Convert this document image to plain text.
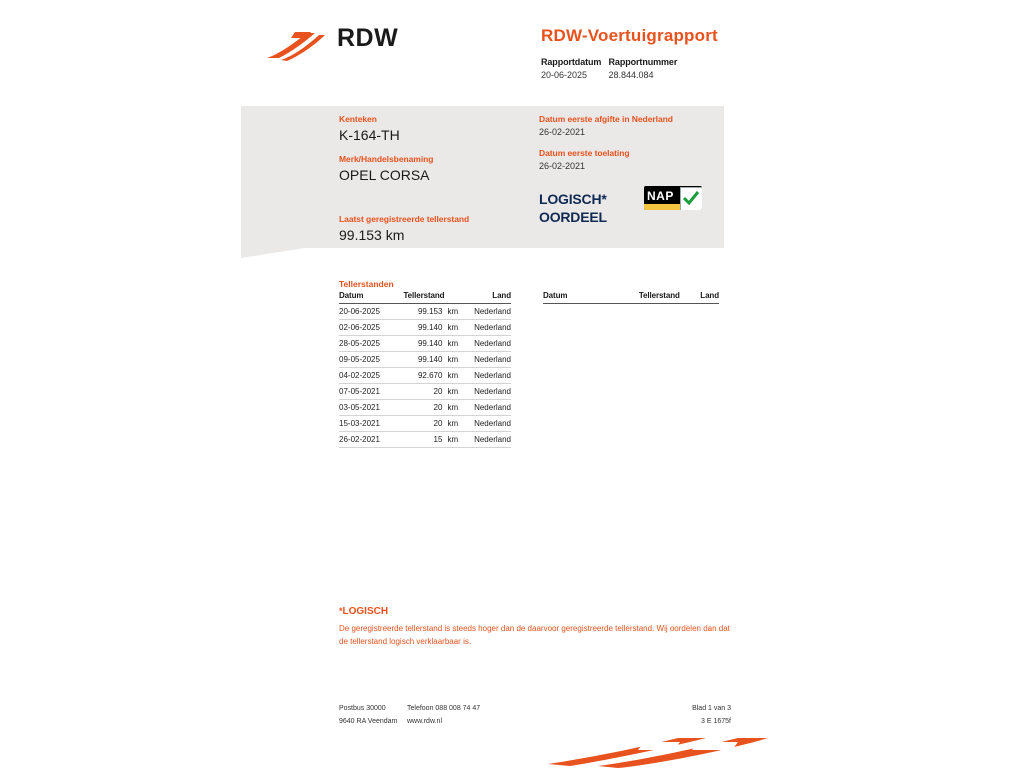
RDW	RDW-Voertuigrapport
Rapportdatum
20-06-2025

Rapportnummer
28.844.084
Kenteken
K-164-TH
Merk/Handelsbenaming
OPEL CORSA
Laatst geregistreerde tellerstand
99.153 km
Datum eerste afgifte in Nederland
26-02-2021
Datum eerste toelating
26-02-2021
LOGISCH*
OORDEEL
NAP
Tellerstanden
Datum	Tellerstand		Land
20-06-2025	99.153	km	Nederland
02-06-2025	99.140	km	Nederland
28-05-2025	99.140	km	Nederland
09-05-2025	99.140	km	Nederland
04-02-2025	92.670	km	Nederland
07-05-2021	20	km	Nederland
03-05-2021	20	km	Nederland
15-03-2021	20	km	Nederland
26-02-2021	15	km	Nederland
Datum	Tellerstand		Land
*LOGISCH
De geregistreerde tellerstand is steeds hoger dan de daarvoor geregistreerde tellerstand. Wij oordelen dan dat de tellerstand logisch verklaarbaar is.
Postbus 30000	Telefoon 088 008 74 47	Blad 1 van 3
9640 RA Veendam www.rdw.nl	3 E 1675f
